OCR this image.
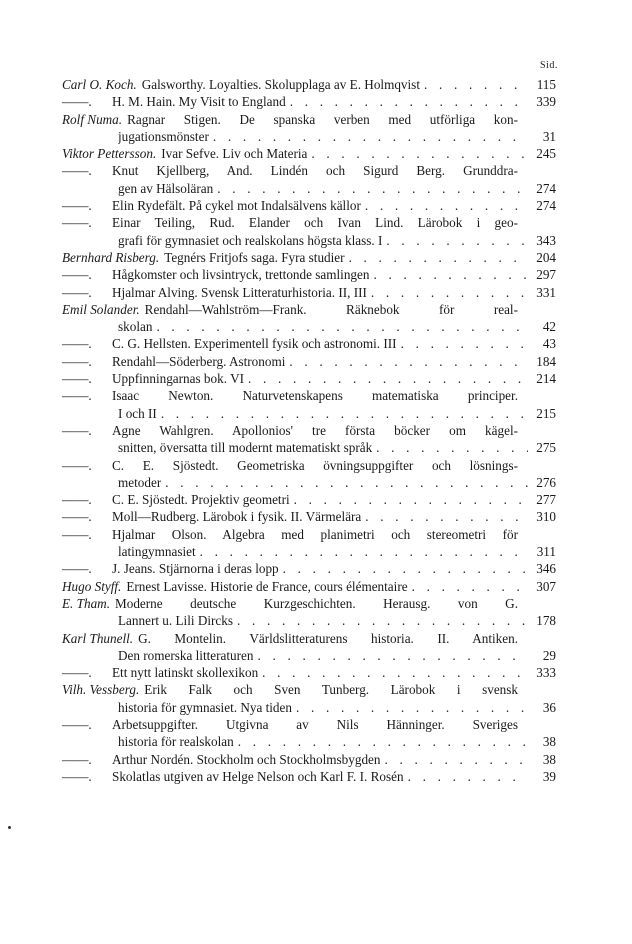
Sid.
Carl O. Koch. Galsworthy. Loyalties. Skolupplaga av E. Holmqvist . . .	115
——.	H. M. Hain. My Visit to England . . .	339
Rolf Numa. Ragnar Stigen. De spanska verben med utförliga kon-
jugationsmönster . . .	31
Viktor Pettersson. Ivar Sefve. Liv och Materia . . .	245
——.	Knut Kjellberg, And. Lindén och Sigurd Berg. Grunddra-
gen av Hälsoläran . . .	274
——.	Elin Rydefält. På cykel mot Indalsälvens källor . . .	274
——.	Einar Teiling, Rud. Elander och Ivan Lind. Lärobok i geo-
grafi för gymnasiet och realskolans högsta klass. I . . .	343
Bernhard Risberg. Tegnérs Fritjofs saga. Fyra studier . . .	204
——.	Hågkomster och livsintryck, trettonde samlingen . . .	297
——.	Hjalmar Alving. Svensk Litteraturhistoria. II, III . . .	331
Emil Solander. Rendahl—Wahlström—Frank. Räknebok för real-
skolan . . .	42
——.	C. G. Hellsten. Experimentell fysik och astronomi. III . . .	43
——.	Rendahl—Söderberg. Astronomi . . .	184
——.	Uppfinningarnas bok. VI . . .	214
——.	Isaac Newton. Naturvetenskapens matematiska principer.
I och II . . .	215
——.	Agne Wahlgren. Apollonios' tre första böcker om kägel-
snitten, översatta till modernt matematiskt språk . . .	275
——.	C. E. Sjöstedt. Geometriska övningsuppgifter och lösnings-
metoder . . .	276
——.	C. E. Sjöstedt. Projektiv geometri . . .	277
——.	Moll—Rudberg. Lärobok i fysik. II. Värmelära . . .	310
——.	Hjalmar Olson. Algebra med planimetri och stereometri för
latingymnasiet . . .	311
——.	J. Jeans. Stjärnorna i deras lopp . . .	346
Hugo Styff. Ernest Lavisse. Historie de France, cours élémentaire . . .	307
E. Tham. Moderne deutsche Kurzgeschichten. Herausg. von G.
Lannert u. Lili Dircks . . .	178
Karl Thunell. G. Montelin. Världslitteraturens historia. II. Antiken.
Den romerska litteraturen . . .	29
——.	Ett nytt latinskt skollexikon . . .	333
Vilh. Vessberg. Erik Falk och Sven Tunberg. Lärobok i svensk
historia för gymnasiet. Nya tiden . . .	36
——.	Arbetsuppgifter. Utgivna av Nils Hänninger. Sveriges
historia för realskolan . . .	38
——.	Arthur Nordén. Stockholm och Stockholmsbygden . . .	38
——.	Skolatlas utgiven av Helge Nelson och Karl F. I. Rosén . . .	39
